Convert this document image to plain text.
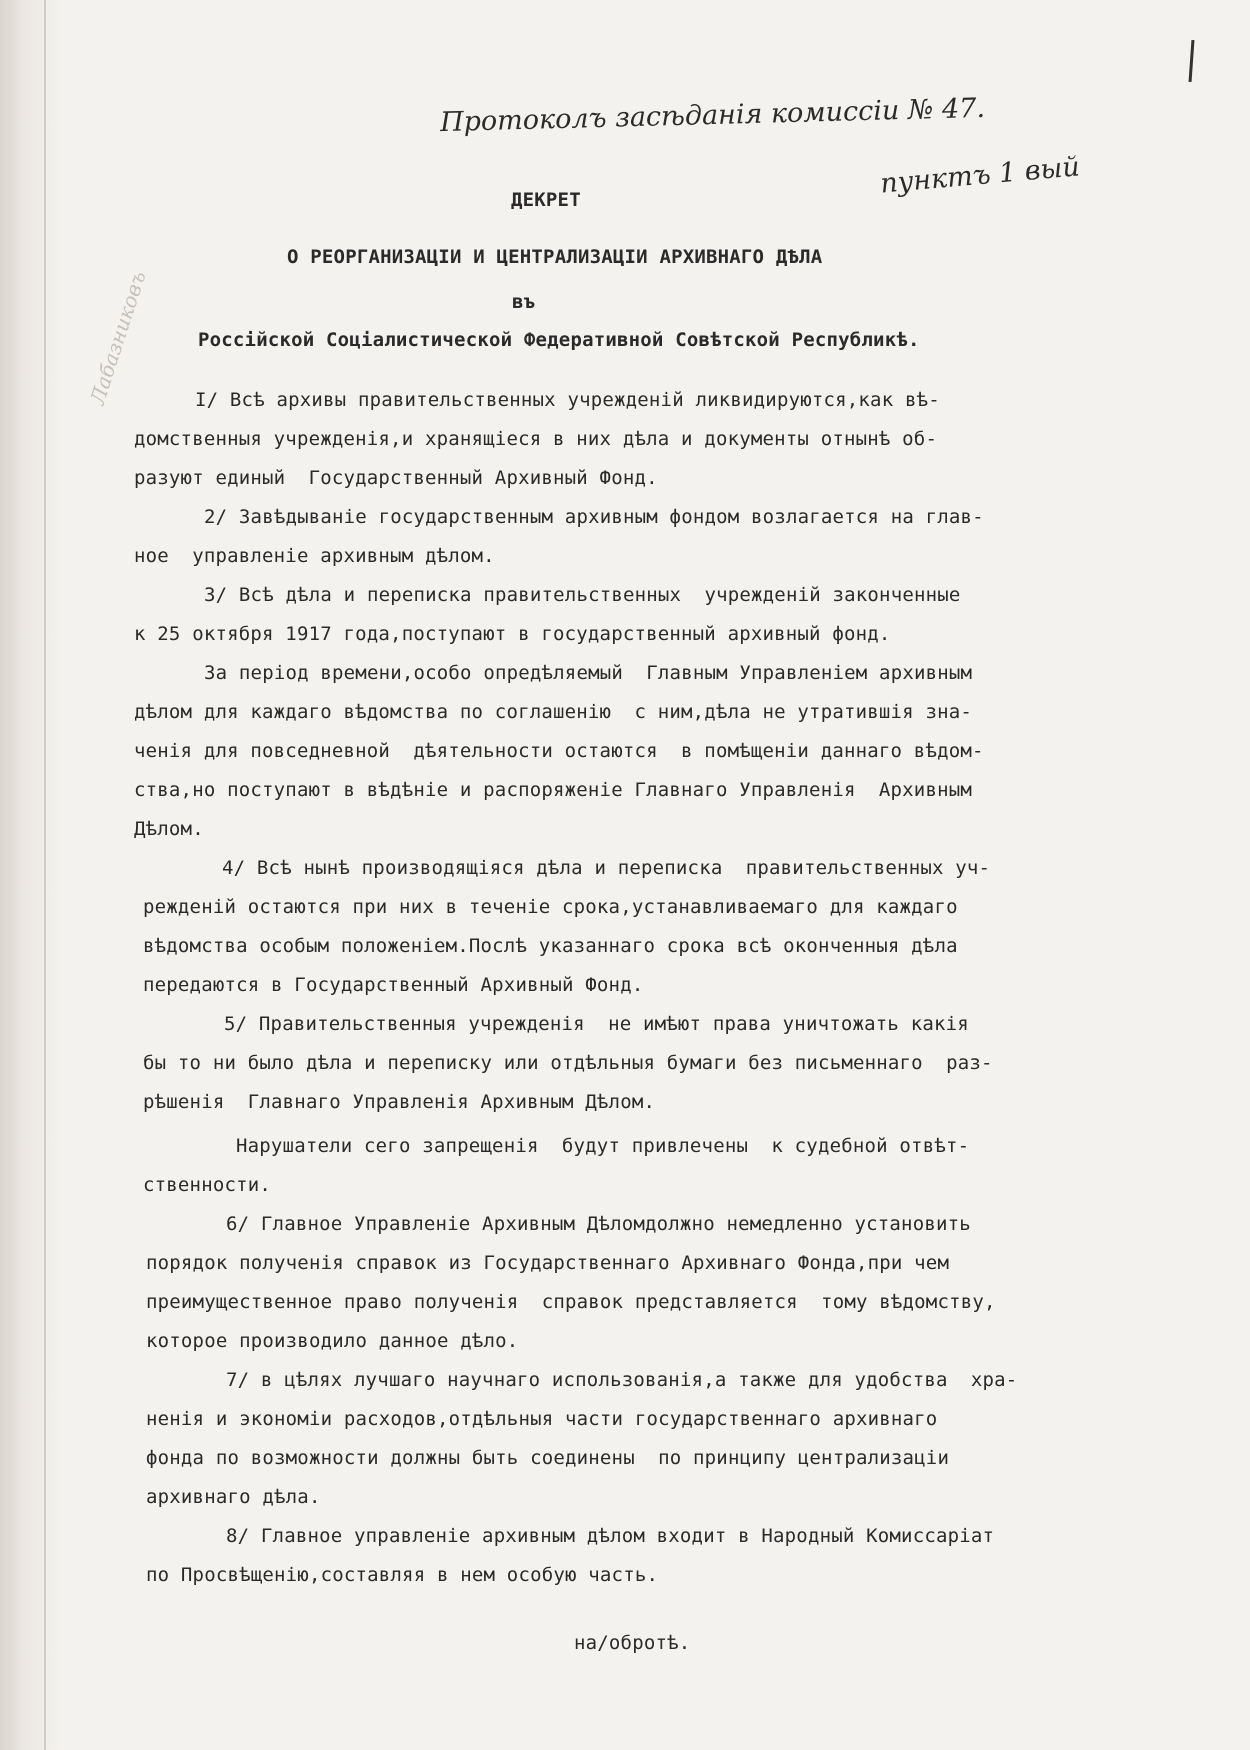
Протоколъ засѣданія комиссіи № 47.
пунктъ 1 вый
Лабазниковъ
ДЕКРЕТ
О РЕОРГАНИЗАЦІИ И ЦЕНТРАЛИЗАЦІИ АРХИВНАГО ДѢЛА
въ
Россійской Соціалистической Федеративной Совѣтской Республикѣ.
I/ Всѣ архивы правительственных учрежденій ликвидируются,как вѣ-
домственныя учрежденія,и хранящіеся в них дѣла и документы отнынѣ об-
разуют единый  Государственный Архивный Фонд.
2/ Завѣдываніе государственным архивным фондом возлагается на глав-
ное  управленіе архивным дѣлом.
3/ Всѣ дѣла и переписка правительственных  учрежденій законченные
к 25 октября 1917 года,поступают в государственный архивный фонд.
За період времени,особо опредѣляемый  Главным Управленіем архивным
дѣлом для каждаго вѣдомства по соглашенію  с ним,дѣла не утратившія зна-
ченія для повседневной  дѣятельности остаются  в помѣщеніи даннаго вѣдом-
ства,но поступают в вѣдѣніе и распоряженіе Главнаго Управленія  Архивным
Дѣлом.
4/ Всѣ нынѣ производящіяся дѣла и переписка  правительственных уч-
режденій остаются при них в теченіе срока,устанавливаемаго для каждаго
вѣдомства особым положеніем.Послѣ указаннаго срока всѣ оконченныя дѣла
передаются в Государственный Архивный Фонд.
5/ Правительственныя учрежденія  не имѣют права уничтожать какія
бы то ни было дѣла и переписку или отдѣльныя бумаги без письменнаго  раз-
рѣшенія  Главнаго Управленія Архивным Дѣлом.
Нарушатели сего запрещенія  будут привлечены  к судебной отвѣт-
ственности.
6/ Главное Управленіе Архивным Дѣломдолжно немедленно установить
порядок полученія справок из Государственнаго Архивнаго Фонда,при чем
преимущественное право полученія  справок представляется  тому вѣдомству,
которое производило данное дѣло.
7/ в цѣлях лучшаго научнаго использованія,а также для удобства  хра-
ненія и экономіи расходов,отдѣльныя части государственнаго архивнаго
фонда по возможности должны быть соединены  по принципу централизаціи
архивнаго дѣла.
8/ Главное управленіе архивным дѣлом входит в Народный Комиссаріат
по Просвѣщенію,составляя в нем особую часть.
на/обротѣ.
